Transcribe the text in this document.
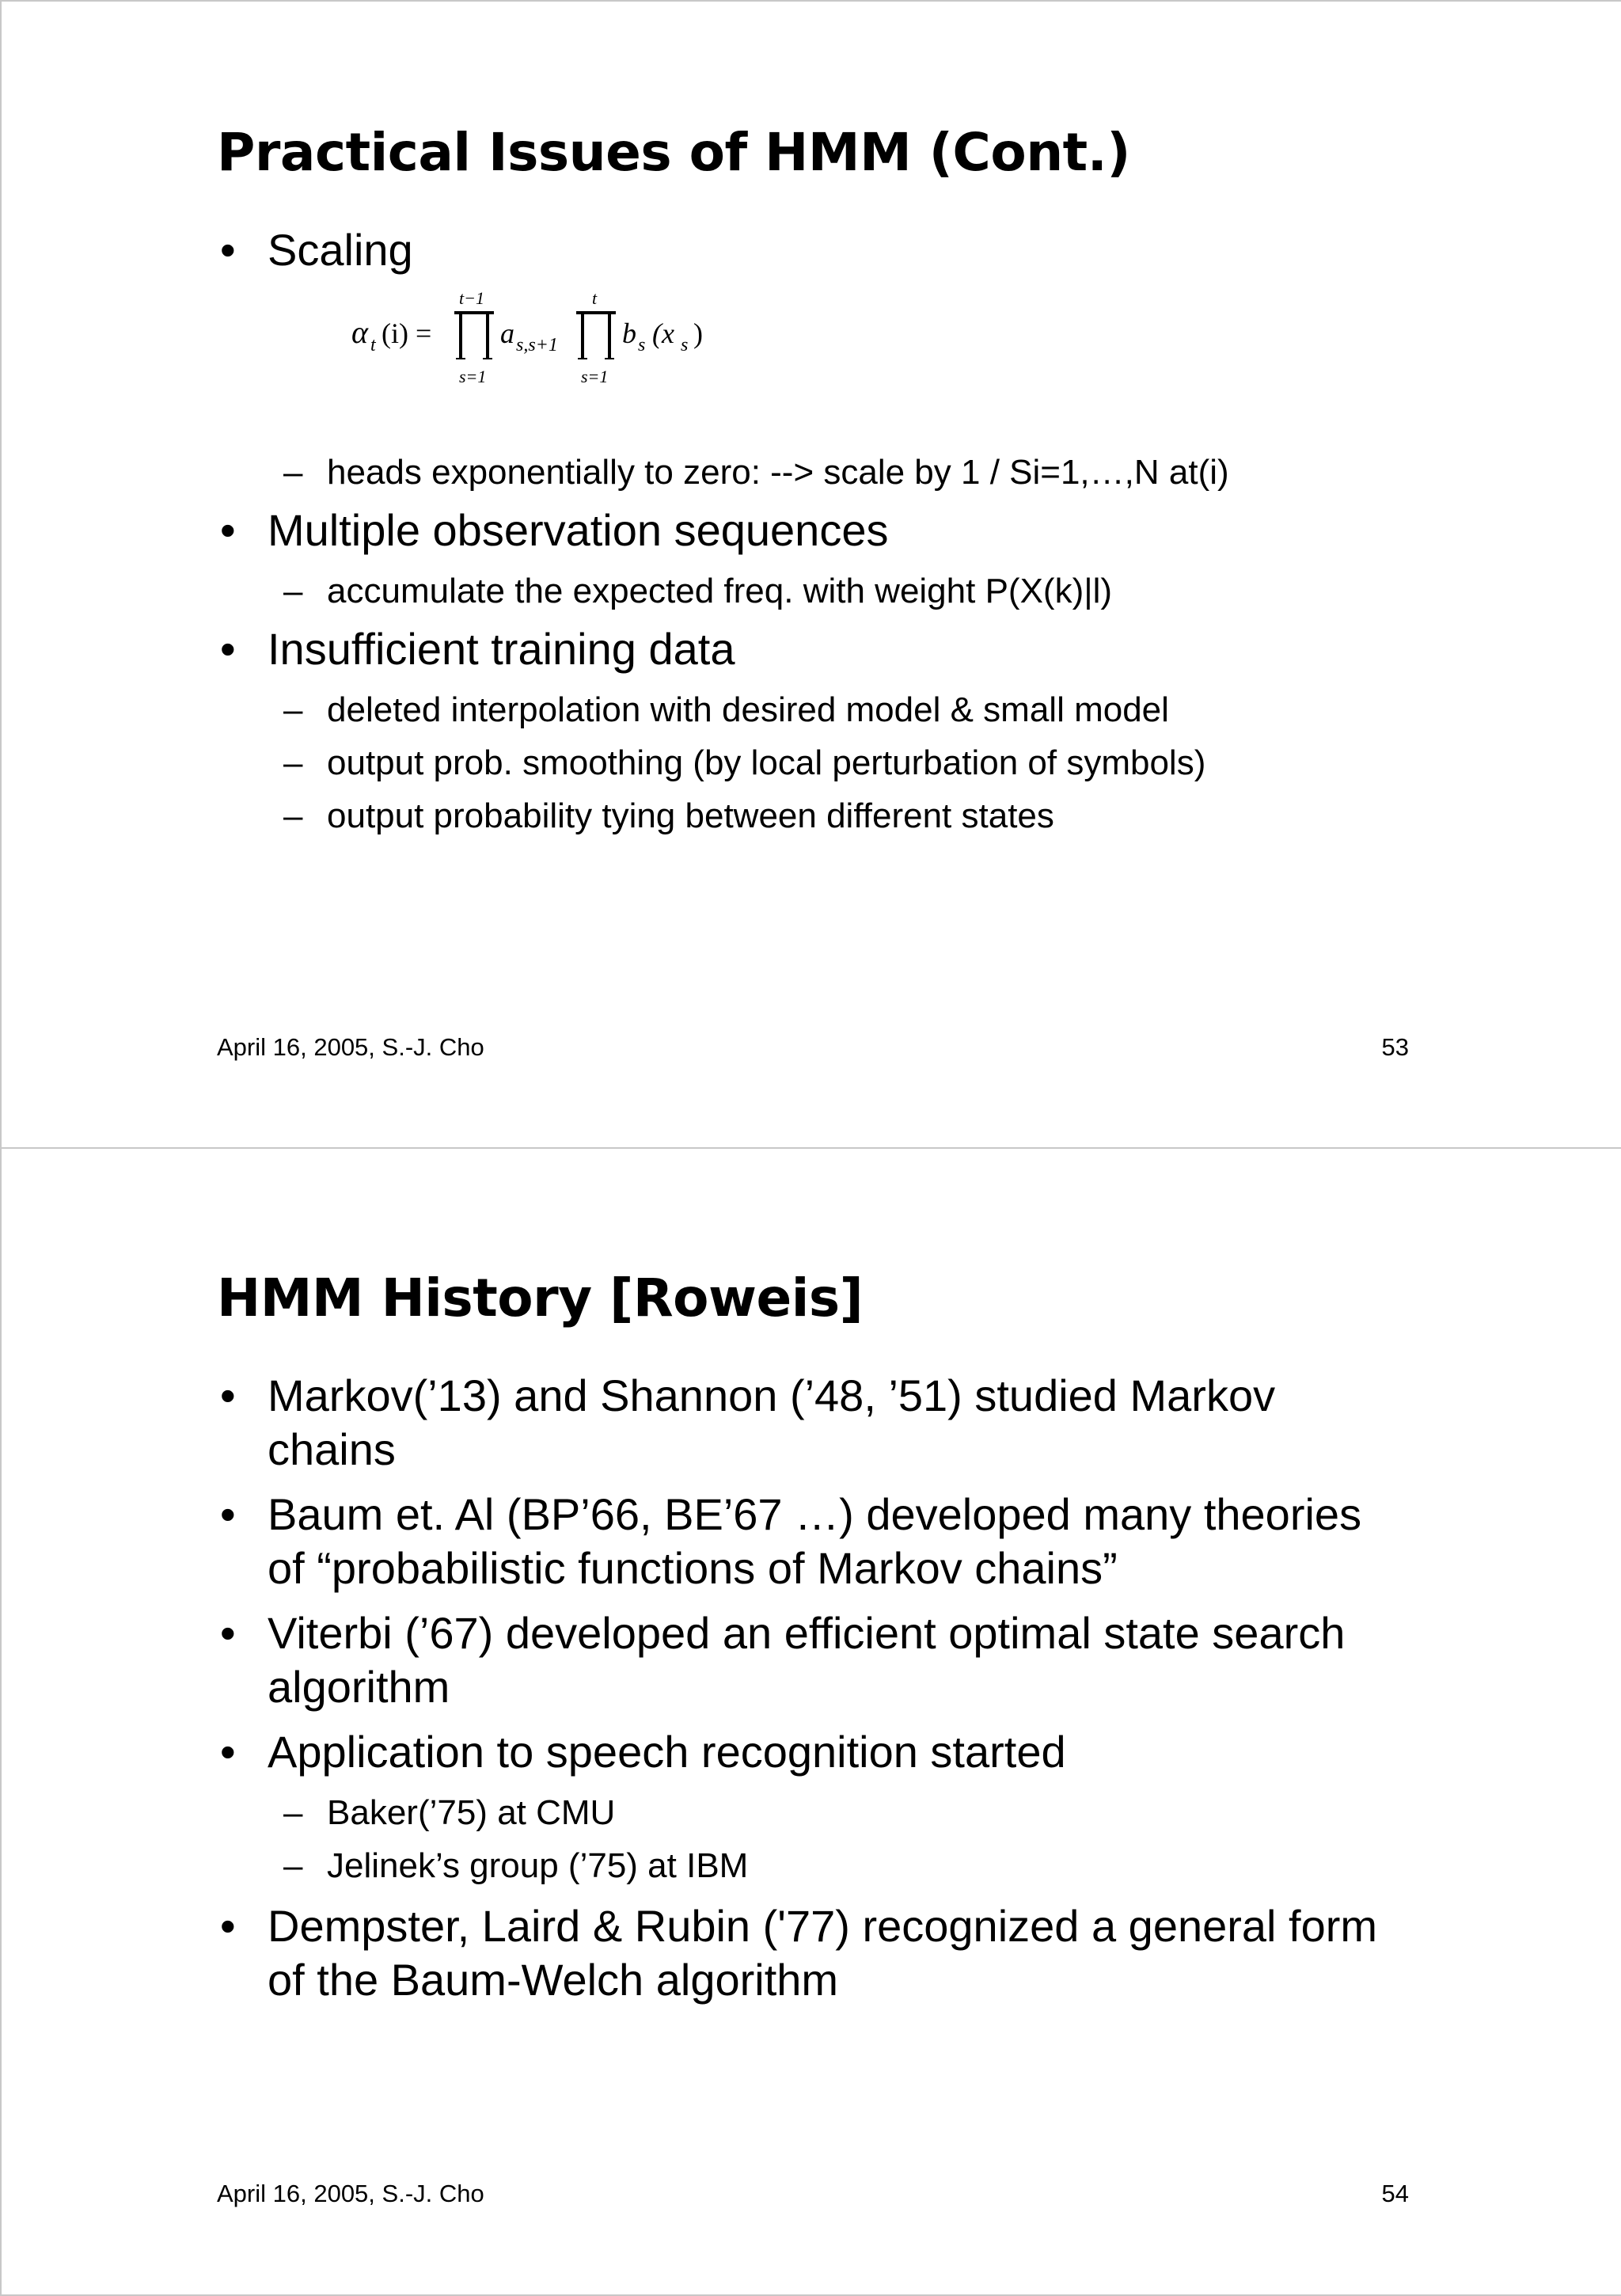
Practical Issues of HMM (Cont.)
• Scaling
α t (i) =
t−1
s=1
a s,s+1
t
s=1
b s (x s )
– heads exponentially to zero: --> scale by 1 / Si=1,…,N at(i)
• Multiple observation sequences
– accumulate the expected freq. with weight P(X(k)|l)
• Insufficient training data
– deleted interpolation with desired model & small model
– output prob. smoothing (by local perturbation of symbols)
– output probability tying between different states
April 16, 2005, S.-J. Cho	53
HMM History [Roweis]
• Markov(’13) and Shannon (’48, ’51) studied Markov
chains
• Baum et. Al (BP’66, BE’67 …) developed many theories
of “probabilistic functions of Markov chains”
• Viterbi (’67) developed an efficient optimal state search
algorithm
• Application to speech recognition started
– Baker(’75) at CMU
– Jelinek’s group (’75) at IBM
• Dempster, Laird & Rubin ('77) recognized a general form
of the Baum-Welch algorithm
April 16, 2005, S.-J. Cho	54
